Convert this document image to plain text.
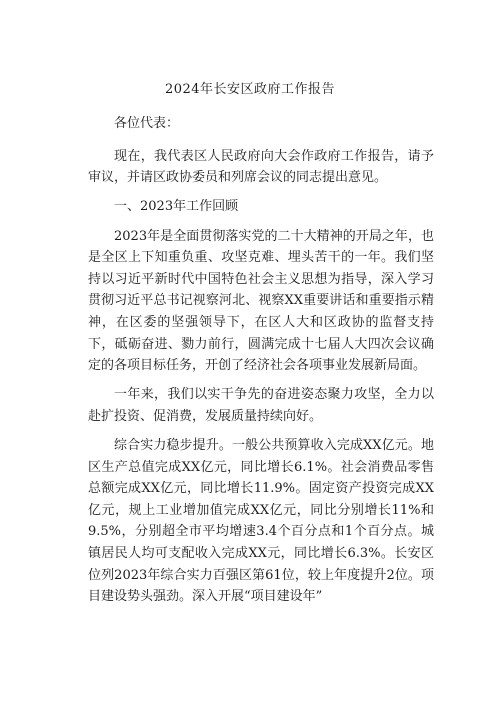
2024年长安区政府工作报告

各位代表：

现在，我代表区人民政府向大会作政府工作报告，请予审议，并请区政协委员和列席会议的同志提出意见。

一、2023年工作回顾

2023年是全面贯彻落实党的二十大精神的开局之年，也是全区上下知重负重、攻坚克难、埋头苦干的一年。我们坚持以习近平新时代中国特色社会主义思想为指导，深入学习贯彻习近平总书记视察河北、视察XX重要讲话和重要指示精神，在区委的坚强领导下，在区人大和区政协的监督支持下，砥砺奋进、勠力前行，圆满完成十七届人大四次会议确定的各项目标任务，开创了经济社会各项事业发展新局面。

一年来，我们以实干争先的奋进姿态聚力攻坚，全力以赴扩投资、促消费，发展质量持续向好。

综合实力稳步提升。一般公共预算收入完成XX亿元。地区生产总值完成XX亿元，同比增长6.1%。社会消费品零售总额完成XX亿元，同比增长11.9%。固定资产投资完成XX亿元，规上工业增加值完成XX亿元，同比分别增长11%和9.5%，分别超全市平均增速3.4个百分点和1个百分点。城镇居民人均可支配收入完成XX元，同比增长6.3%。长安区位列2023年综合实力百强区第61位，较上年度提升2位。项目建设势头强劲。深入开展“项目建设年”
